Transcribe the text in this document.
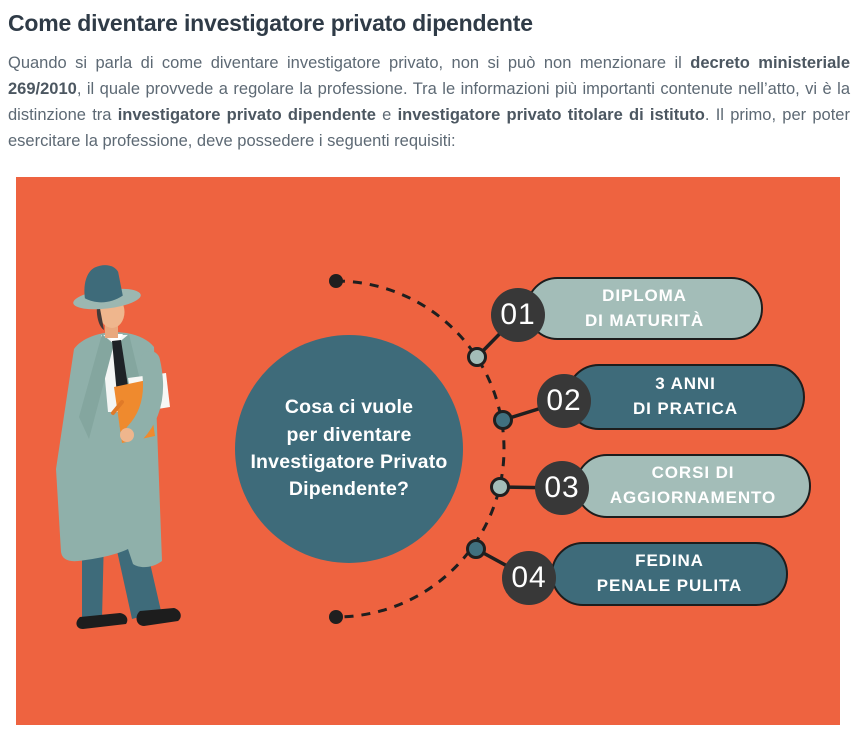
Come diventare investigatore privato dipendente

Quando si parla di come diventare investigatore privato, non si può non menzionare il decreto ministeriale 269/2010, il quale provvede a regolare la professione. Tra le informazioni più importanti contenute nell’atto, vi è la distinzione tra investigatore privato dipendente e investigatore privato titolare di istituto. Il primo, per poter esercitare la professione, deve possedere i seguenti requisiti:

Cosa ci vuole
per diventare
Investigatore Privato
Dipendente?
DIPLOMA
DI MATURITÀ
3 ANNI
DI PRATICA
CORSI DI
AGGIORNAMENTO
FEDINA
PENALE PULITA
01
02
03
04
